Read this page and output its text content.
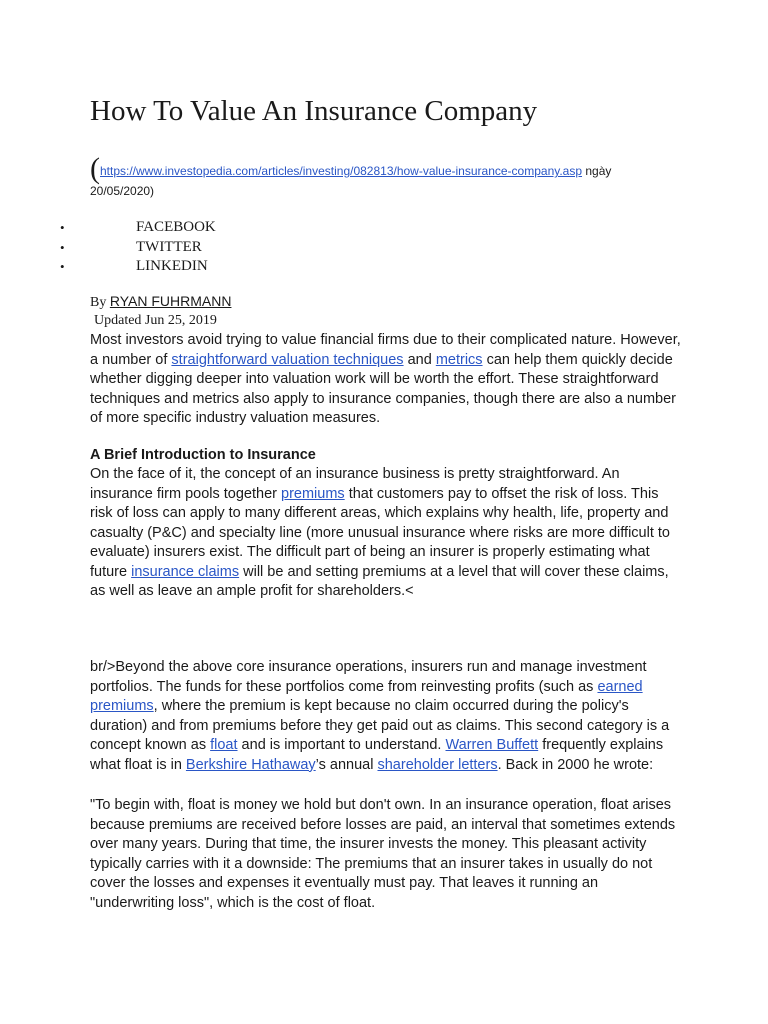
How To Value An Insurance Company
(https://www.investopedia.com/articles/investing/082813/how-value-insurance-company.asp ngày
20/05/2020)
•	FACEBOOK
•	TWITTER
•	LINKEDIN
By RYAN FUHRMANN
Updated Jun 25, 2019
Most investors avoid trying to value financial firms due to their complicated nature. However, a number of straightforward valuation techniques and metrics can help them quickly decide whether digging deeper into valuation work will be worth the effort. These straightforward techniques and metrics also apply to insurance companies, though there are also a number of more specific industry valuation measures.
A Brief Introduction to Insurance
On the face of it, the concept of an insurance business is pretty straightforward. An insurance firm pools together premiums that customers pay to offset the risk of loss. This risk of loss can apply to many different areas, which explains why health, life, property and casualty (P&C) and specialty line (more unusual insurance where risks are more difficult to evaluate) insurers exist. The difficult part of being an insurer is properly estimating what future insurance claims will be and setting premiums at a level that will cover these claims, as well as leave an ample profit for shareholders.<
br/>Beyond the above core insurance operations, insurers run and manage investment portfolios. The funds for these portfolios come from reinvesting profits (such as earned premiums, where the premium is kept because no claim occurred during the policy's duration) and from premiums before they get paid out as claims. This second category is a concept known as float and is important to understand. Warren Buffett frequently explains what float is in Berkshire Hathaway’s annual shareholder letters. Back in 2000 he wrote:
"To begin with, float is money we hold but don't own. In an insurance operation, float arises because premiums are received before losses are paid, an interval that sometimes extends over many years. During that time, the insurer invests the money. This pleasant activity typically carries with it a downside: The premiums that an insurer takes in usually do not cover the losses and expenses it eventually must pay. That leaves it running an "underwriting loss", which is the cost of float.
